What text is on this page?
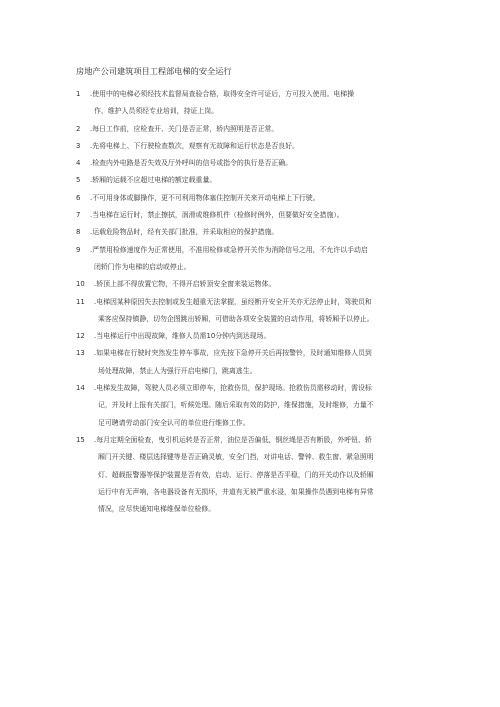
房地产公司建筑项目工程部电梯的安全运行
1 .使用中的电梯必须经技术监督局查验合格，取得安全许可证后，方可投入使用。电梯操
作、维护人员须经专业培训，持证上岗。
2 .每日工作前，应检查开、关门是否正常，轿内照明是否正常。
3 .先将电梯上、下行驶检查数次，观察有无故障和运行状态是否良好。
4 .检查内外电路是否失效及厅外呼叫的信号或指令的执行是否正确。
5 .轿厢的运载不应超过电梯的额定载重量。
6 .不可用身体或脚操作，更不可利用物体塞住控制开关来开动电梯上下行驶。
7 .当电梯在运行时，禁止擦拭，润滑或维修机件（检修时例外，但要做好安全措施）。
8 .运载危险物品时，经有关部门批准，并采取相应的保护措施。
9 .严禁用检修速度作为正常使用，不准用检修或急停开关作为消除信号之用，不允许以手动启
闭轿门作为电梯的启动或停止。
10 .轿顶上部不得放置它物，不得开启轿顶安全窗来装运物体。
11 .电梯因某种原因失去控制或发生超重无法掌握，虽经断开安全开关亦无法停止时，驾驶员和
乘客应保持镇静，切勿企图跳出轿厢，可借助各项安全装置的自动作用，将轿厢予以停止。
12 .当电梯运行中出现故障，维修人员需10分钟内到达现场。
13 .如果电梯在行驶时突然发生停车事故，应先按下急停开关后再按警铃，及时通知维修人员到
场处理故障，禁止人为强行开启电梯门，跳离逃生。
14 .电梯发生故障，驾驶人员必须立即停车，抢救伤员，保护现场。抢救伤员需移动时，需设标
记，并及时上报有关部门，听候处理。随后采取有效的防护，维保措施，及时维修，力量不
足可聘请劳动部门安全认可的单位进行维修工作。
15 .每月定期全面检查，曳引机运转是否正常，油位是否偏低，钢丝绳是否有断股，外呼钮、轿
厢门开关键、楼层选择键等是否正确灵敏，安全门挡，对讲电话、警钟、救生窗、紧急照明
灯、超载报警器等保护装置是否有效，启动、运行、停落是否平稳，门的开关动作以及轿厢
运行中有无声响，各电器设备有无损坏，井道有无被严重水浸，如果操作员遇到电梯有异常
情况，应尽快通知电梯维保单位检修。
